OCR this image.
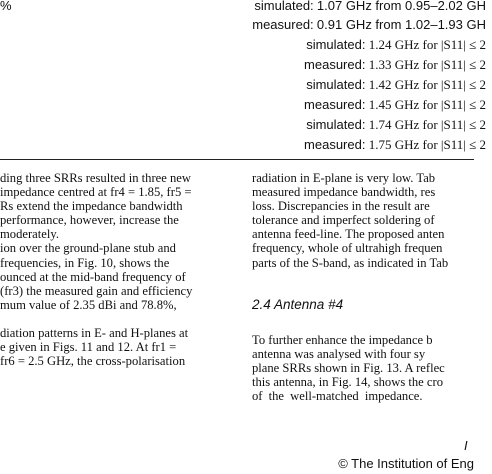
%	simulated: 1.07 GHz from 0.95–2.02 GH
measured: 0.91 GHz from 1.02–1.93 GH
simulated: 1.24 GHz for |S11| ≤ 2
measured: 1.33 GHz for |S11| ≤ 2
simulated: 1.42 GHz for |S11| ≤ 2
measured: 1.45 GHz for |S11| ≤ 2
simulated: 1.74 GHz for |S11| ≤ 2
measured: 1.75 GHz for |S11| ≤ 2
ding three SRRs resulted in three new
impedance centred at fr4 = 1.85, fr5 =
Rs extend the impedance bandwidth
performance, however, increase the
moderately.
ion over the ground-plane stub and
frequencies, in Fig. 10, shows the
ounced at the mid-band frequency of
(fr3) the measured gain and efficiency
mum value of 2.35 dBi and 78.8%,
diation patterns in E- and H-planes at
e given in Figs. 11 and 12. At fr1 =
fr6 = 2.5 GHz, the cross-polarisation
radiation in E-plane is very low. Tab
measured impedance bandwidth, res
loss. Discrepancies in the result are
tolerance and imperfect soldering of
antenna feed-line. The proposed anten
frequency, whole of ultrahigh frequen
parts of the S-band, as indicated in Tab
2.4 Antenna #4
To further enhance the impedance b
antenna was analysed with four sy
plane SRRs shown in Fig. 13. A reflec
this antenna, in Fig. 14, shows the cro
of the well-matched impedance.
I
© The Institution of Eng
